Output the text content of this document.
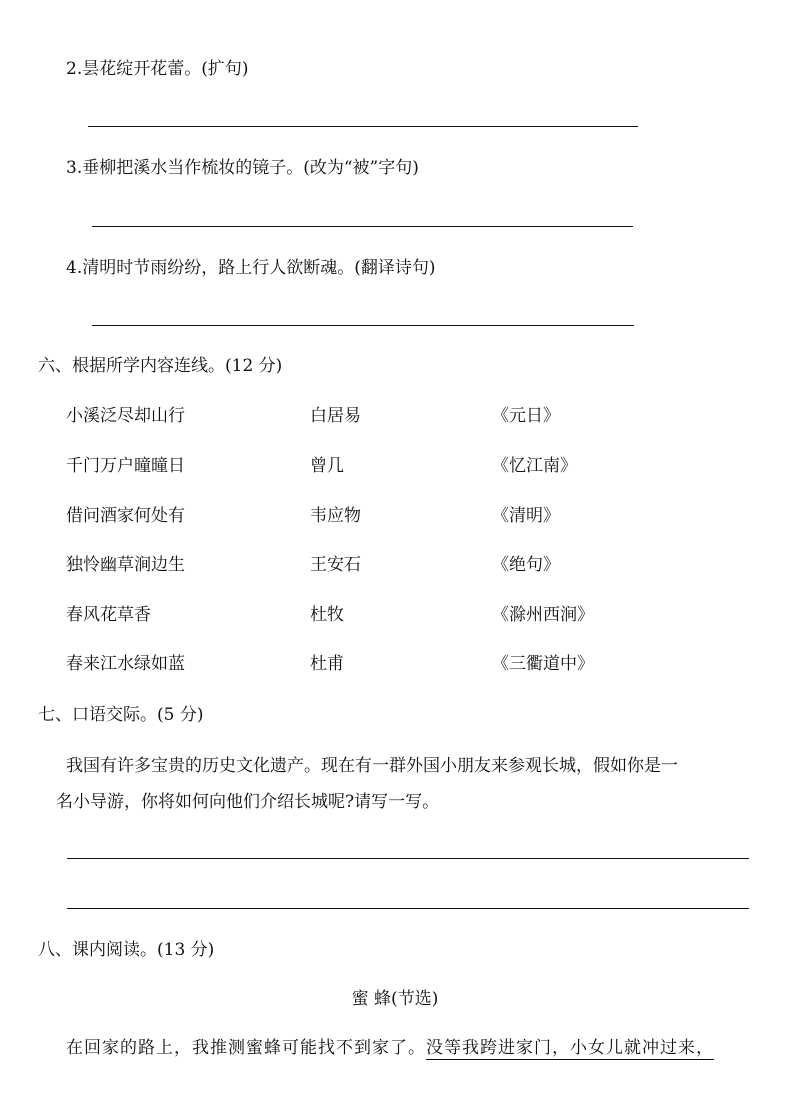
2.昙花绽开花蕾。(扩句)
3.垂柳把溪水当作梳妆的镜子。(改为“被”字句)
4.清明时节雨纷纷，路上行人欲断魂。(翻译诗句)
六、根据所学内容连线。(12 分)
小溪泛尽却山行	白居易	《元日》
千门万户曈曈日	曾几	《忆江南》
借问酒家何处有	韦应物	《清明》
独怜幽草涧边生	王安石	《绝句》
春风花草香	杜牧	《滁州西涧》
春来江水绿如蓝	杜甫	《三衢道中》
七、口语交际。(5 分)
我国有许多宝贵的历史文化遗产。现在有一群外国小朋友来参观长城，假如你是一
名小导游，你将如何向他们介绍长城呢?请写一写。
八、课内阅读。(13 分)
蜜 蜂(节选)
在回家的路上，我推测蜜蜂可能找不到家了。没等我跨进家门，小女儿就冲过来，
